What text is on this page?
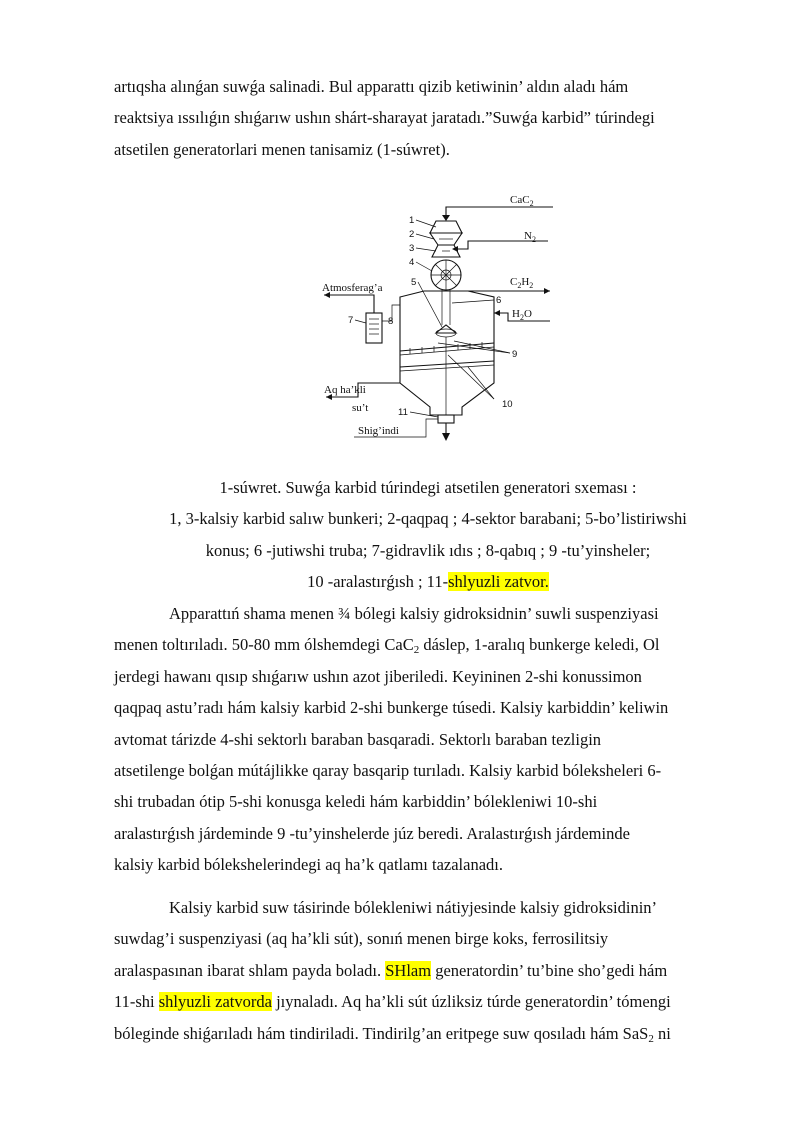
artıqsha alınǵan suwǵa salinadi. Bul apparattı qizib ketiwinin’ aldın aladı hám
reaktsiya ıssılıǵın shıǵarıw ushın shárt-sharayat jaratadı.”Suwǵa karbid” túrindegi
atsetilen generatorlari menen tanisamiz (1-súwret).
CaC$_2$
$N_2$
$C_2H_2$
$H_2O$
Atmosferag’a
Aq ha’kli
su’t
Shig’indi
1
2
3
4
5
6
7	8
9
10
11
1-súwret. Suwǵa karbid túrindegi atsetilen generatori sxeması :
1, 3-kalsiy karbid salıw bunkeri; 2-qaqpaq ; 4-sektor barabani; 5-bo’listiriwshi
konus; 6 -jutiwshi truba; 7-gidravlik ıdıs ; 8-qabıq ; 9 -tu’yinsheler;
10 -aralastırǵısh ; 11-shlyuzli zatvor.
Apparattıń shama menen ¾ bólegi kalsiy gidroksidnin’ suwli suspenziyasi
menen toltırıladı. 50-80 mm ólshemdegi CaC$_2$ dáslep, 1-aralıq bunkerge keledi, Ol
jerdegi hawanı qısıp shıǵarıw ushın azot jiberiledi. Keyininen 2-shi konussimon
qaqpaq astu’radı hám kalsiy karbid 2-shi bunkerge túsedi. Kalsiy karbiddin’ keliwin
avtomat tárizde 4-shi sektorlı baraban basqaradi. Sektorlı baraban tezligin
atsetilenge bolǵan mútájlikke qaray basqarip turıladı. Kalsiy karbid bóleksheleri 6-
shi trubadan ótip 5-shi konusga keledi hám karbiddin’ bólekleniwi 10-shi
aralastırǵısh járdeminde 9 -tu’yinshelerde júz beredi. Aralastırǵısh járdeminde
kalsiy karbid bólekshelerindegi aq ha’k qatlamı tazalanadı.
Kalsiy karbid suw tásirinde bólekleniwi nátiyjesinde kalsiy gidroksidinin’
suwdag’i suspenziyasi (aq ha’kli sút), sonıń menen birge koks, ferrosilitsiy
aralaspasınan ibarat shlam payda boladı. SHlam generatordin’ tu’bine sho’gedi hám
11-shi shlyuzli zatvorda jıynaladı. Aq ha’kli sút úzliksiz túrde generatordin’ tómengi
bóleginde shiǵarıladı hám tindiriladi. Tindirilg’an eritpege suw qosıladı hám SaS$_2$ ni
